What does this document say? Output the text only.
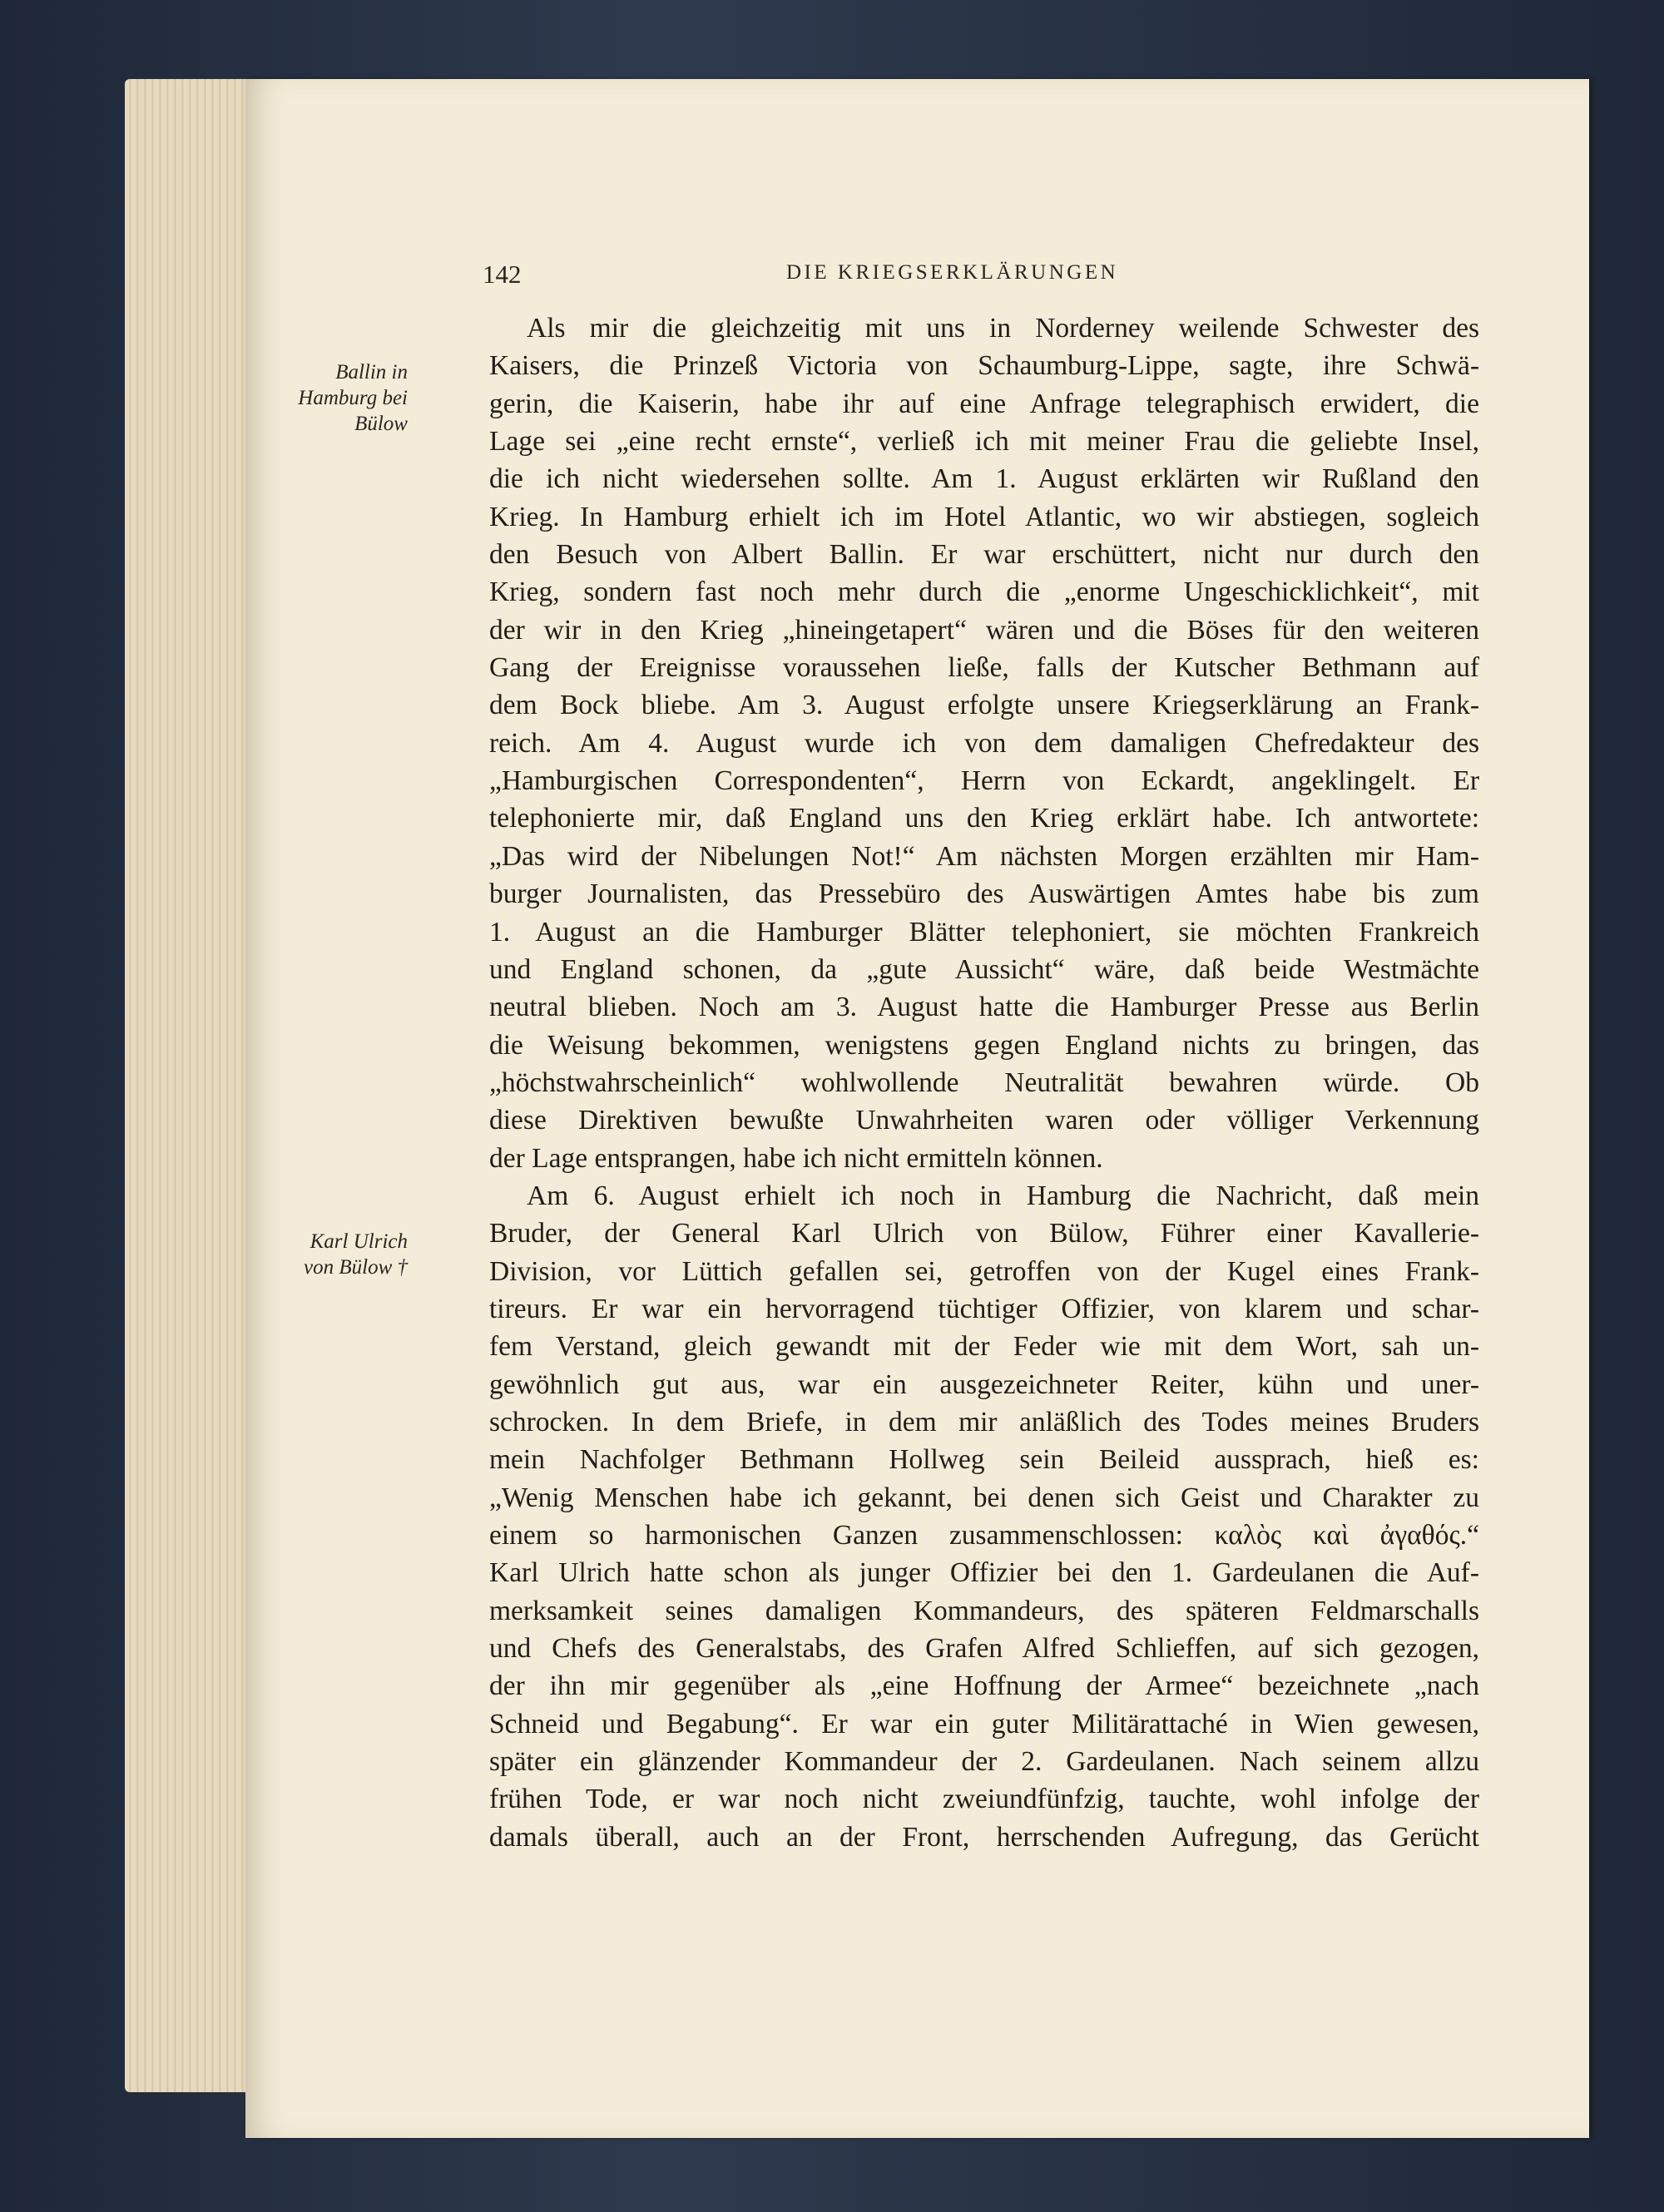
142	DIE KRIEGSERKLÄRUNGEN
Ballin in
Hamburg bei
Bülow
Karl Ulrich
von Bülow †
Als mir die gleichzeitig mit uns in Norderney weilende Schwester des
Kaisers, die Prinzeß Victoria von Schaumburg-Lippe, sagte, ihre Schwä-
gerin, die Kaiserin, habe ihr auf eine Anfrage telegraphisch erwidert, die
Lage sei „eine recht ernste“, verließ ich mit meiner Frau die geliebte Insel,
die ich nicht wiedersehen sollte. Am 1. August erklärten wir Rußland den
Krieg. In Hamburg erhielt ich im Hotel Atlantic, wo wir abstiegen, sogleich
den Besuch von Albert Ballin. Er war erschüttert, nicht nur durch den
Krieg, sondern fast noch mehr durch die „enorme Ungeschicklichkeit“, mit
der wir in den Krieg „hineingetapert“ wären und die Böses für den weiteren
Gang der Ereignisse voraussehen ließe, falls der Kutscher Bethmann auf
dem Bock bliebe. Am 3. August erfolgte unsere Kriegserklärung an Frank-
reich. Am 4. August wurde ich von dem damaligen Chefredakteur des
„Hamburgischen Correspondenten“, Herrn von Eckardt, angeklingelt. Er
telephonierte mir, daß England uns den Krieg erklärt habe. Ich antwortete:
„Das wird der Nibelungen Not!“ Am nächsten Morgen erzählten mir Ham-
burger Journalisten, das Pressebüro des Auswärtigen Amtes habe bis zum
1. August an die Hamburger Blätter telephoniert, sie möchten Frankreich
und England schonen, da „gute Aussicht“ wäre, daß beide Westmächte
neutral blieben. Noch am 3. August hatte die Hamburger Presse aus Berlin
die Weisung bekommen, wenigstens gegen England nichts zu bringen, das
„höchstwahrscheinlich“ wohlwollende Neutralität bewahren würde. Ob
diese Direktiven bewußte Unwahrheiten waren oder völliger Verkennung
der Lage entsprangen, habe ich nicht ermitteln können.
Am 6. August erhielt ich noch in Hamburg die Nachricht, daß mein
Bruder, der General Karl Ulrich von Bülow, Führer einer Kavallerie-
Division, vor Lüttich gefallen sei, getroffen von der Kugel eines Frank-
tireurs. Er war ein hervorragend tüchtiger Offizier, von klarem und schar-
fem Verstand, gleich gewandt mit der Feder wie mit dem Wort, sah un-
gewöhnlich gut aus, war ein ausgezeichneter Reiter, kühn und uner-
schrocken. In dem Briefe, in dem mir anläßlich des Todes meines Bruders
mein Nachfolger Bethmann Hollweg sein Beileid aussprach, hieß es:
„Wenig Menschen habe ich gekannt, bei denen sich Geist und Charakter zu
einem so harmonischen Ganzen zusammenschlossen: καλὸς καὶ ἀγαθός.“
Karl Ulrich hatte schon als junger Offizier bei den 1. Gardeulanen die Auf-
merksamkeit seines damaligen Kommandeurs, des späteren Feldmarschalls
und Chefs des Generalstabs, des Grafen Alfred Schlieffen, auf sich gezogen,
der ihn mir gegenüber als „eine Hoffnung der Armee“ bezeichnete „nach
Schneid und Begabung“. Er war ein guter Militärattaché in Wien gewesen,
später ein glänzender Kommandeur der 2. Gardeulanen. Nach seinem allzu
frühen Tode, er war noch nicht zweiundfünfzig, tauchte, wohl infolge der
damals überall, auch an der Front, herrschenden Aufregung, das Gerücht
